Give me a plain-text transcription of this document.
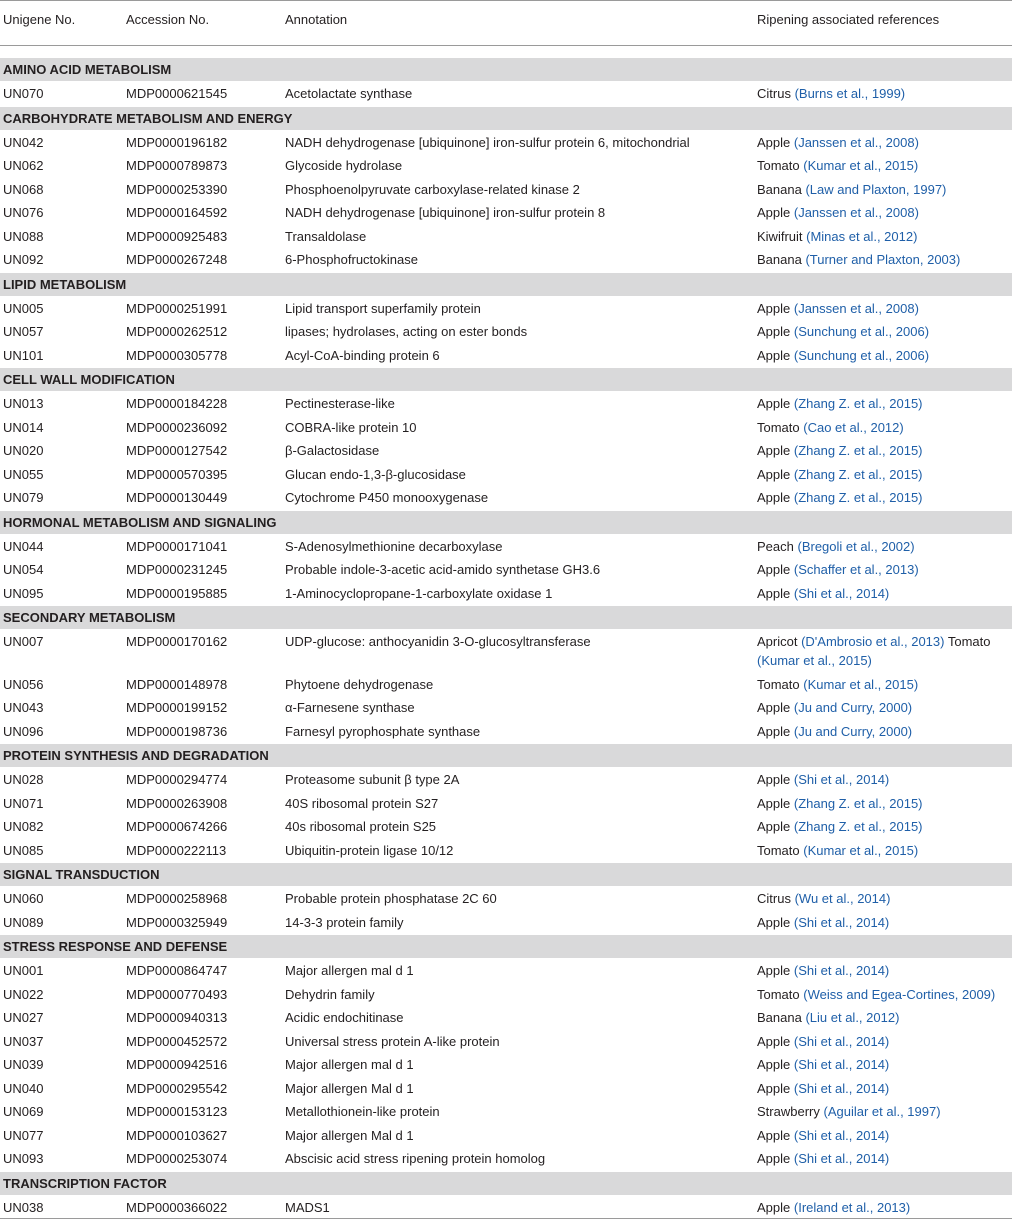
Unigene No.	Accession No.	Annotation	Ripening associated references

AMINO ACID METABOLISM			
UN070	MDP0000621545	Acetolactate synthase	Citrus (Burns et al., 1999)
CARBOHYDRATE METABOLISM AND ENERGY			
UN042	MDP0000196182	NADH dehydrogenase [ubiquinone] iron-sulfur protein 6, mitochondrial	Apple (Janssen et al., 2008)
UN062	MDP0000789873	Glycoside hydrolase	Tomato (Kumar et al., 2015)
UN068	MDP0000253390	Phosphoenolpyruvate carboxylase-related kinase 2	Banana (Law and Plaxton, 1997)
UN076	MDP0000164592	NADH dehydrogenase [ubiquinone] iron-sulfur protein 8	Apple (Janssen et al., 2008)
UN088	MDP0000925483	Transaldolase	Kiwifruit (Minas et al., 2012)
UN092	MDP0000267248	6-Phosphofructokinase	Banana (Turner and Plaxton, 2003)
LIPID METABOLISM			
UN005	MDP0000251991	Lipid transport superfamily protein	Apple (Janssen et al., 2008)
UN057	MDP0000262512	lipases; hydrolases, acting on ester bonds	Apple (Sunchung et al., 2006)
UN101	MDP0000305778	Acyl-CoA-binding protein 6	Apple (Sunchung et al., 2006)
CELL WALL MODIFICATION			
UN013	MDP0000184228	Pectinesterase-like	Apple (Zhang Z. et al., 2015)
UN014	MDP0000236092	COBRA-like protein 10	Tomato (Cao et al., 2012)
UN020	MDP0000127542	β-Galactosidase	Apple (Zhang Z. et al., 2015)
UN055	MDP0000570395	Glucan endo-1,3-β-glucosidase	Apple (Zhang Z. et al., 2015)
UN079	MDP0000130449	Cytochrome P450 monooxygenase	Apple (Zhang Z. et al., 2015)
HORMONAL METABOLISM AND SIGNALING			
UN044	MDP0000171041	S-Adenosylmethionine decarboxylase	Peach (Bregoli et al., 2002)
UN054	MDP0000231245	Probable indole-3-acetic acid-amido synthetase GH3.6	Apple (Schaffer et al., 2013)
UN095	MDP0000195885	1-Aminocyclopropane-1-carboxylate oxidase 1	Apple (Shi et al., 2014)
SECONDARY METABOLISM			
UN007	MDP0000170162	UDP-glucose: anthocyanidin 3-O-glucosyltransferase	Apricot (D'Ambrosio et al., 2013) Tomato (Kumar et al., 2015)
UN056	MDP0000148978	Phytoene dehydrogenase	Tomato (Kumar et al., 2015)
UN043	MDP0000199152	α-Farnesene synthase	Apple (Ju and Curry, 2000)
UN096	MDP0000198736	Farnesyl pyrophosphate synthase	Apple (Ju and Curry, 2000)
PROTEIN SYNTHESIS AND DEGRADATION			
UN028	MDP0000294774	Proteasome subunit β type 2A	Apple (Shi et al., 2014)
UN071	MDP0000263908	40S ribosomal protein S27	Apple (Zhang Z. et al., 2015)
UN082	MDP0000674266	40s ribosomal protein S25	Apple (Zhang Z. et al., 2015)
UN085	MDP0000222113	Ubiquitin-protein ligase 10/12	Tomato (Kumar et al., 2015)
SIGNAL TRANSDUCTION			
UN060	MDP0000258968	Probable protein phosphatase 2C 60	Citrus (Wu et al., 2014)
UN089	MDP0000325949	14-3-3 protein family	Apple (Shi et al., 2014)
STRESS RESPONSE AND DEFENSE			
UN001	MDP0000864747	Major allergen mal d 1	Apple (Shi et al., 2014)
UN022	MDP0000770493	Dehydrin family	Tomato (Weiss and Egea-Cortines, 2009)
UN027	MDP0000940313	Acidic endochitinase	Banana (Liu et al., 2012)
UN037	MDP0000452572	Universal stress protein A-like protein	Apple (Shi et al., 2014)
UN039	MDP0000942516	Major allergen mal d 1	Apple (Shi et al., 2014)
UN040	MDP0000295542	Major allergen Mal d 1	Apple (Shi et al., 2014)
UN069	MDP0000153123	Metallothionein-like protein	Strawberry (Aguilar et al., 1997)
UN077	MDP0000103627	Major allergen Mal d 1	Apple (Shi et al., 2014)
UN093	MDP0000253074	Abscisic acid stress ripening protein homolog	Apple (Shi et al., 2014)
TRANSCRIPTION FACTOR			
UN038	MDP0000366022	MADS1	Apple (Ireland et al., 2013)
